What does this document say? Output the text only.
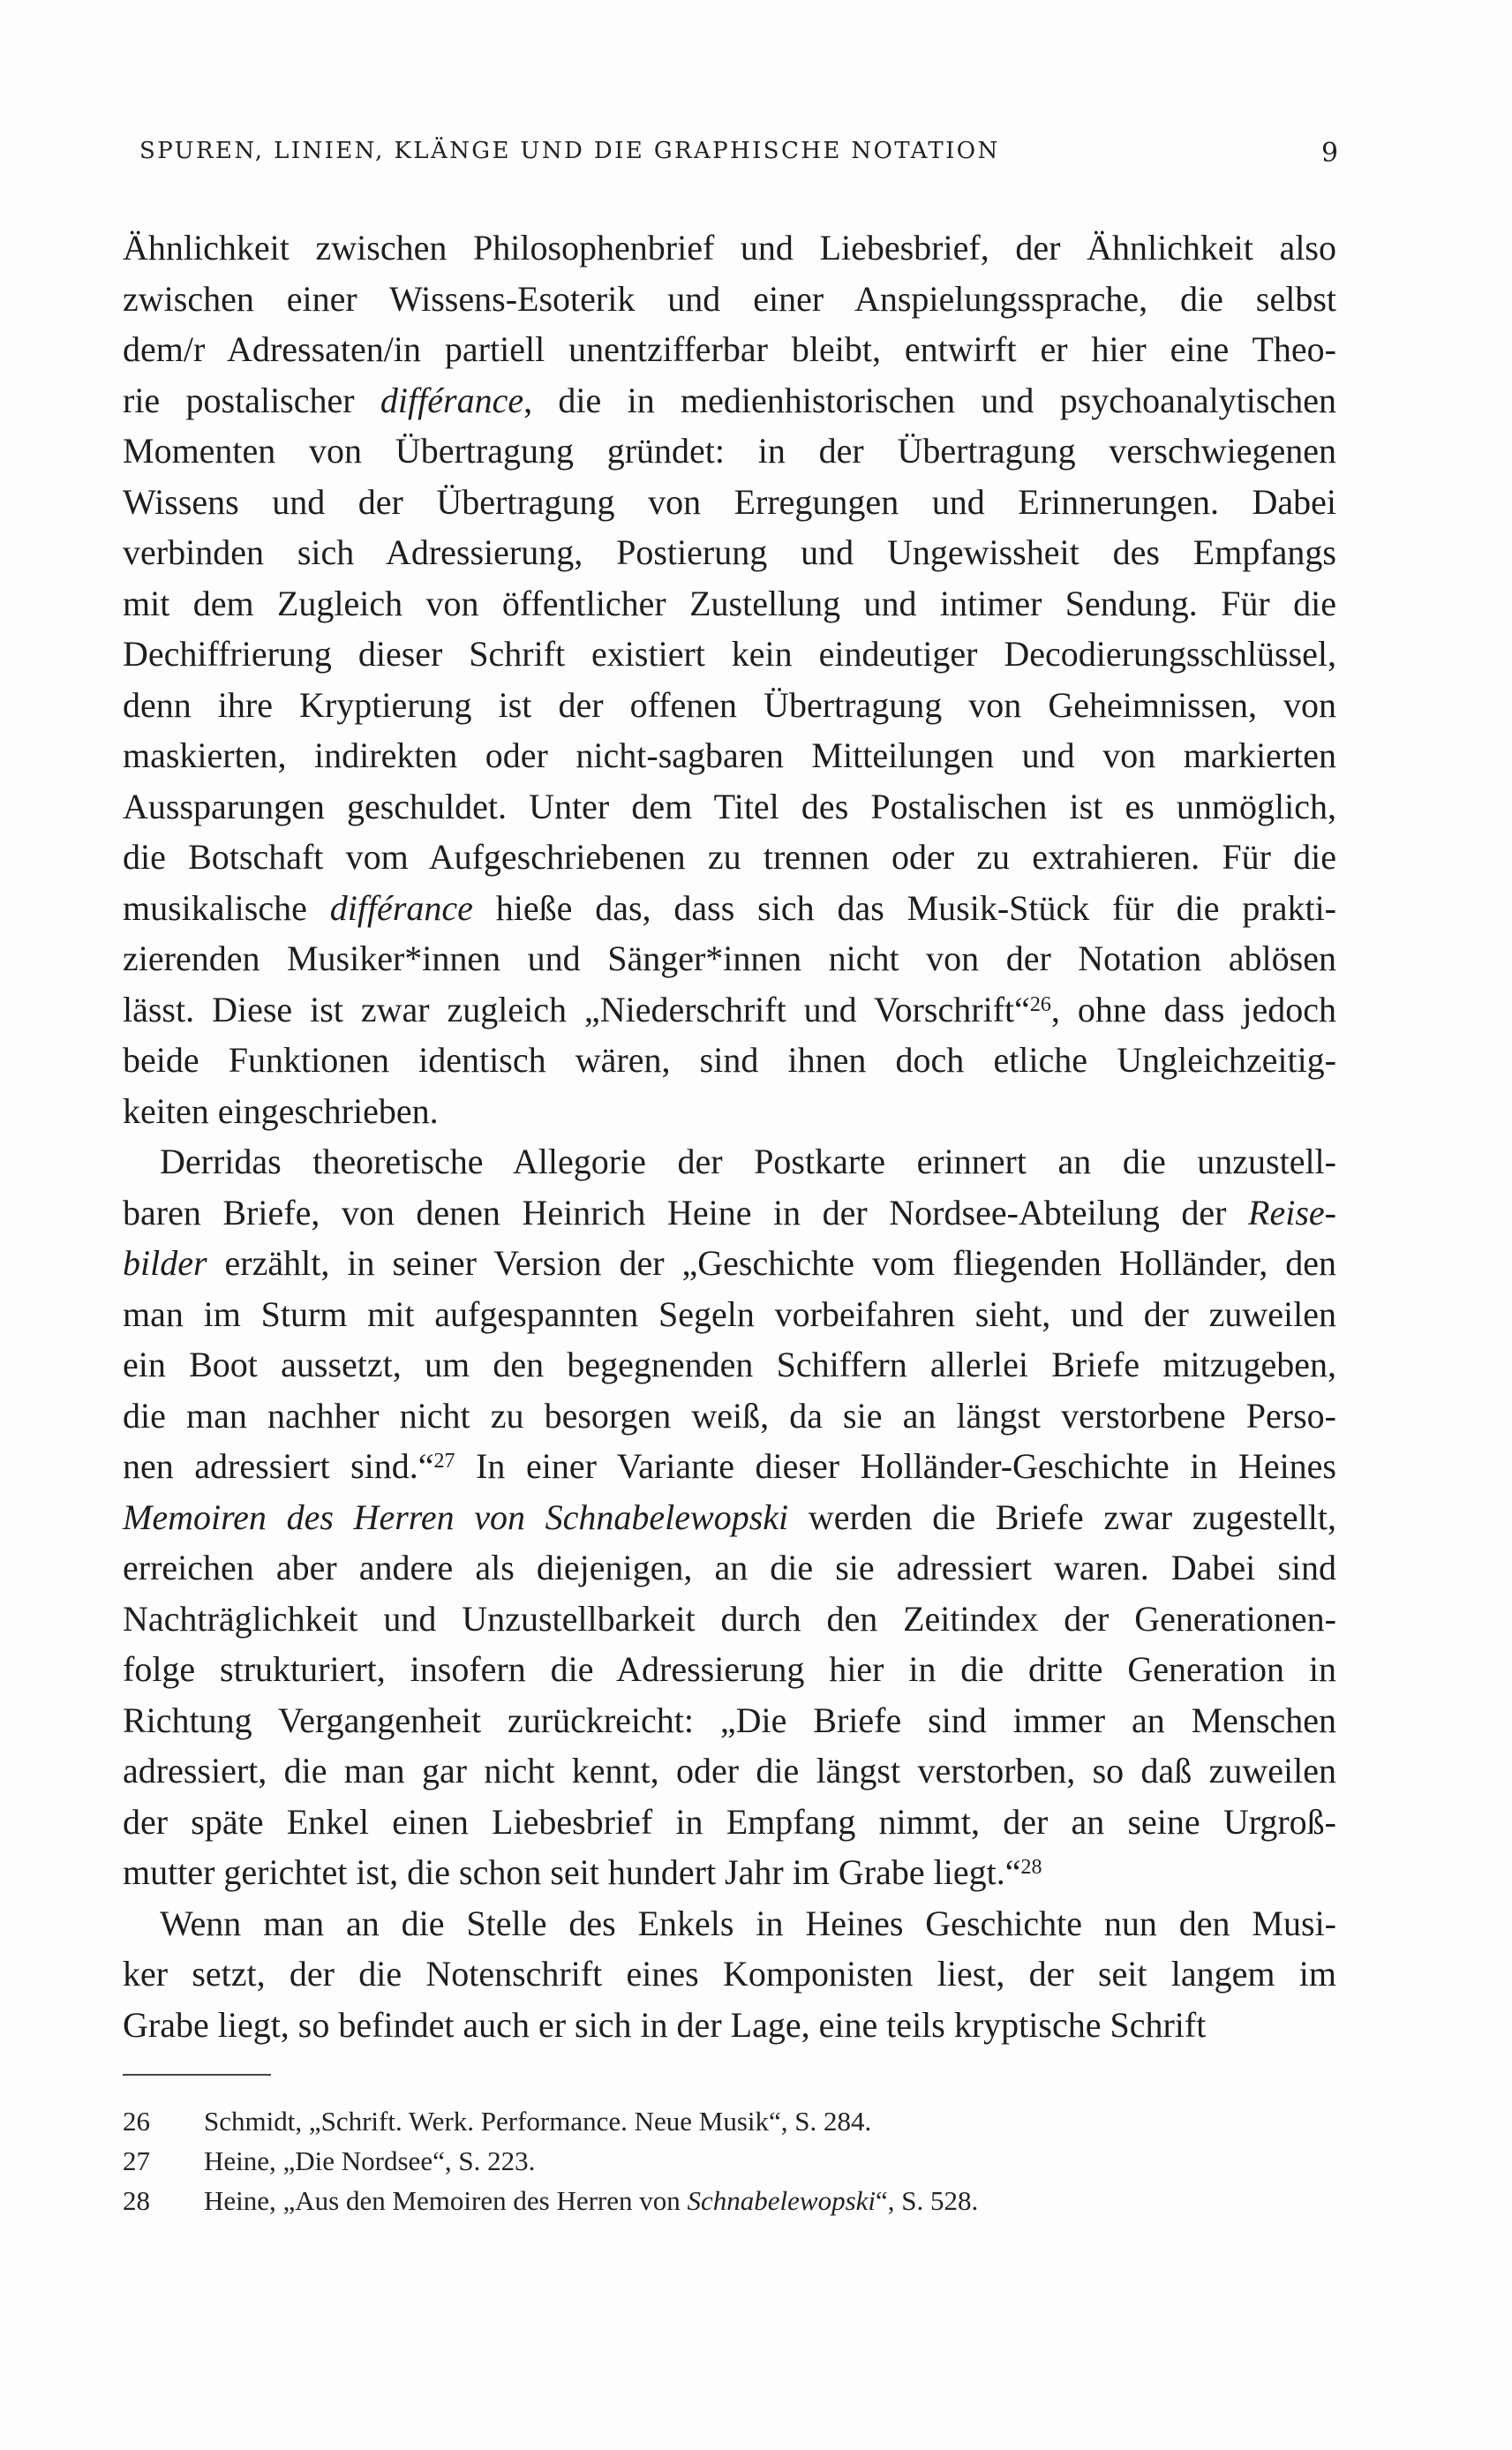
SPUREN, LINIEN, KLÄNGE UND DIE GRAPHISCHE NOTATION	9

Ähnlichkeit zwischen Philosophenbrief und Liebesbrief, der Ähnlichkeit also
zwischen einer Wissens-Esoterik und einer Anspielungssprache, die selbst
dem/r Adressaten/in partiell unentzifferbar bleibt, entwirft er hier eine Theo-
rie postalischer différance, die in medienhistorischen und psychoanalytischen
Momenten von Übertragung gründet: in der Übertragung verschwiegenen
Wissens und der Übertragung von Erregungen und Erinnerungen. Dabei
verbinden sich Adressierung, Postierung und Ungewissheit des Empfangs
mit dem Zugleich von öffentlicher Zustellung und intimer Sendung. Für die
Dechiffrierung dieser Schrift existiert kein eindeutiger Decodierungsschlüssel,
denn ihre Kryptierung ist der offenen Übertragung von Geheimnissen, von
maskierten, indirekten oder nicht-sagbaren Mitteilungen und von markierten
Aussparungen geschuldet. Unter dem Titel des Postalischen ist es unmöglich,
die Botschaft vom Aufgeschriebenen zu trennen oder zu extrahieren. Für die
musikalische différance hieße das, dass sich das Musik-Stück für die prakti-
zierenden Musiker*innen und Sänger*innen nicht von der Notation ablösen
lässt. Diese ist zwar zugleich „Niederschrift und Vorschrift“$^{26}$, ohne dass jedoch
beide Funktionen identisch wären, sind ihnen doch etliche Ungleichzeitig-
keiten eingeschrieben.

Derridas theoretische Allegorie der Postkarte erinnert an die unzustell-
baren Briefe, von denen Heinrich Heine in der Nordsee-Abteilung der Reise-
bilder erzählt, in seiner Version der „Geschichte vom fliegenden Holländer, den
man im Sturm mit aufgespannten Segeln vorbeifahren sieht, und der zuweilen
ein Boot aussetzt, um den begegnenden Schiffern allerlei Briefe mitzugeben,
die man nachher nicht zu besorgen weiß, da sie an längst verstorbene Perso-
nen adressiert sind.“$^{27}$ In einer Variante dieser Holländer-Geschichte in Heines
Memoiren des Herren von Schnabelewopski werden die Briefe zwar zugestellt,
erreichen aber andere als diejenigen, an die sie adressiert waren. Dabei sind
Nachträglichkeit und Unzustellbarkeit durch den Zeitindex der Generationen-
folge strukturiert, insofern die Adressierung hier in die dritte Generation in
Richtung Vergangenheit zurückreicht: „Die Briefe sind immer an Menschen
adressiert, die man gar nicht kennt, oder die längst verstorben, so daß zuweilen
der späte Enkel einen Liebesbrief in Empfang nimmt, der an seine Urgroß-
mutter gerichtet ist, die schon seit hundert Jahr im Grabe liegt.“$^{28}$

Wenn man an die Stelle des Enkels in Heines Geschichte nun den Musi-
ker setzt, der die Notenschrift eines Komponisten liest, der seit langem im
Grabe liegt, so befindet auch er sich in der Lage, eine teils kryptische Schrift

26	Schmidt, „Schrift. Werk. Performance. Neue Musik“, S. 284.
27	Heine, „Die Nordsee“, S. 223.
28	Heine, „Aus den Memoiren des Herren von Schnabelewopski“, S. 528.
